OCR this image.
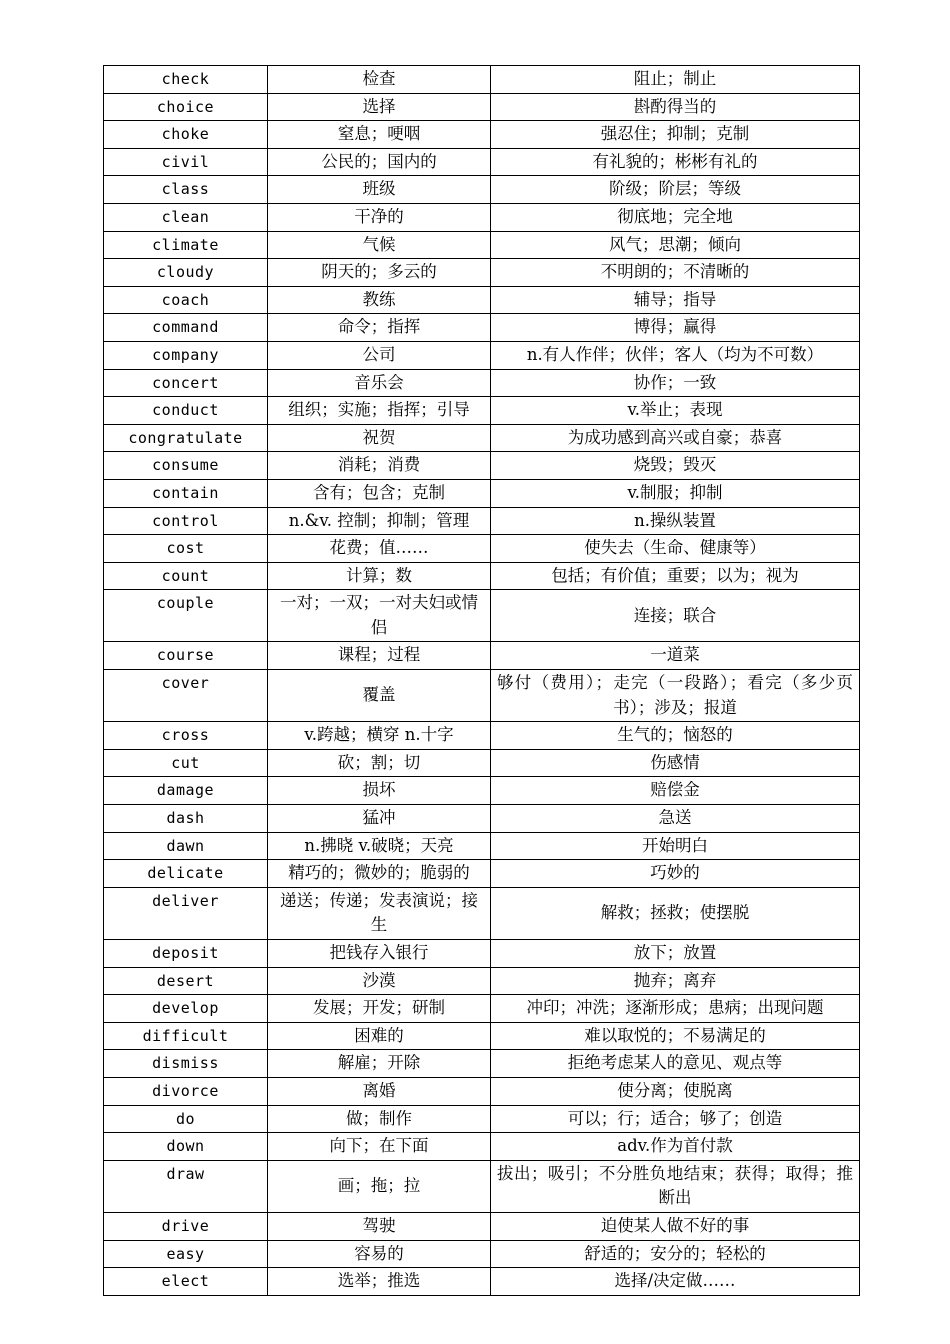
check	检查	阻止；制止
choice	选择	斟酌得当的
choke	窒息；哽咽	强忍住；抑制；克制
civil	公民的；国内的	有礼貌的；彬彬有礼的
class	班级	阶级；阶层；等级
clean	干净的	彻底地；完全地
climate	气候	风气；思潮；倾向
cloudy	阴天的；多云的	不明朗的；不清晰的
coach	教练	辅导；指导
command	命令；指挥	博得；赢得
company	公司	n.有人作伴；伙伴；客人（均为不可数）
concert	音乐会	协作；一致
conduct	组织；实施；指挥；引导	v.举止；表现
congratulate	祝贺	为成功感到高兴或自豪；恭喜
consume	消耗；消费	烧毁；毁灭
contain	含有；包含；克制	v.制服；抑制
control	n.&v. 控制；抑制；管理	n.操纵装置
cost	花费；值……	使失去（生命、健康等）
count	计算；数	包括；有价值；重要；以为；视为
couple	一对；一双；一对夫妇或情侣	连接；联合
course	课程；过程	一道菜
cover	覆盖	够付（费用）；走完（一段路）；看完（多少页书）；涉及；报道
cross	v.跨越；横穿 n.十字	生气的；恼怒的
cut	砍；割；切	伤感情
damage	损坏	赔偿金
dash	猛冲	急送
dawn	n.拂晓 v.破晓；天亮	开始明白
delicate	精巧的；微妙的；脆弱的	巧妙的
deliver	递送；传递；发表演说；接生	解救；拯救；使摆脱
deposit	把钱存入银行	放下；放置
desert	沙漠	抛弃；离弃
develop	发展；开发；研制	冲印；冲洗；逐渐形成；患病；出现问题
difficult	困难的	难以取悦的；不易满足的
dismiss	解雇；开除	拒绝考虑某人的意见、观点等
divorce	离婚	使分离；使脱离
do	做；制作	可以；行；适合；够了；创造
down	向下；在下面	adv.作为首付款
draw	画；拖；拉	拔出；吸引；不分胜负地结束；获得；取得；推断出
drive	驾驶	迫使某人做不好的事
easy	容易的	舒适的；安分的；轻松的
elect	选举；推选	选择/决定做……
